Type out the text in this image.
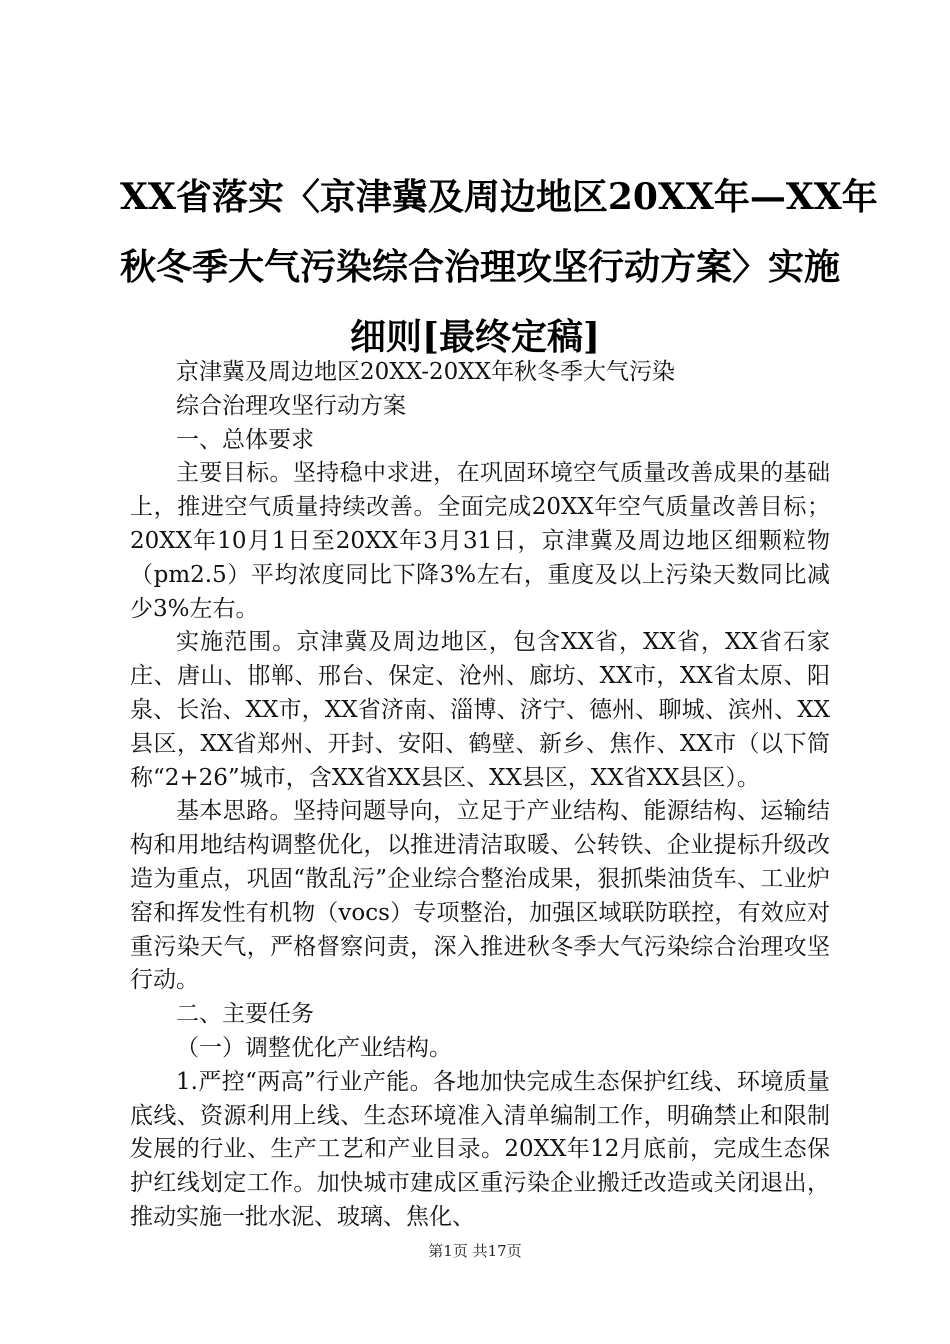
XX省落实〈京津冀及周边地区20XX年—XX年
秋冬季大气污染综合治理攻坚行动方案〉实施
细则[最终定稿]

京津冀及周边地区20XX-20XX年秋冬季大气污染

综合治理攻坚行动方案

一、总体要求

主要目标。坚持稳中求进，在巩固环境空气质量改善成果的基础上，推进空气质量持续改善。全面完成20XX年空气质量改善目标；20XX年10月1日至20XX年3月31日，京津冀及周边地区细颗粒物（pm2.5）平均浓度同比下降3%左右，重度及以上污染天数同比减少3%左右。

实施范围。京津冀及周边地区，包含XX省，XX省，XX省石家庄、唐山、邯郸、邢台、保定、沧州、廊坊、XX市，XX省太原、阳泉、长治、XX市，XX省济南、淄博、济宁、德州、聊城、滨州、XX县区，XX省郑州、开封、安阳、鹤壁、新乡、焦作、XX市（以下简称“2+26”城市，含XX省XX县区、XX县区，XX省XX县区）。

基本思路。坚持问题导向，立足于产业结构、能源结构、运输结构和用地结构调整优化，以推进清洁取暖、公转铁、企业提标升级改造为重点，巩固“散乱污”企业综合整治成果，狠抓柴油货车、工业炉窑和挥发性有机物（vocs）专项整治，加强区域联防联控，有效应对重污染天气，严格督察问责，深入推进秋冬季大气污染综合治理攻坚行动。

二、主要任务

（一）调整优化产业结构。

1.严控“两高”行业产能。各地加快完成生态保护红线、环境质量底线、资源利用上线、生态环境准入清单编制工作，明确禁止和限制发展的行业、生产工艺和产业目录。20XX年12月底前，完成生态保护红线划定工作。加快城市建成区重污染企业搬迁改造或关闭退出，推动实施一批水泥、玻璃、焦化、

第1页 共17页
